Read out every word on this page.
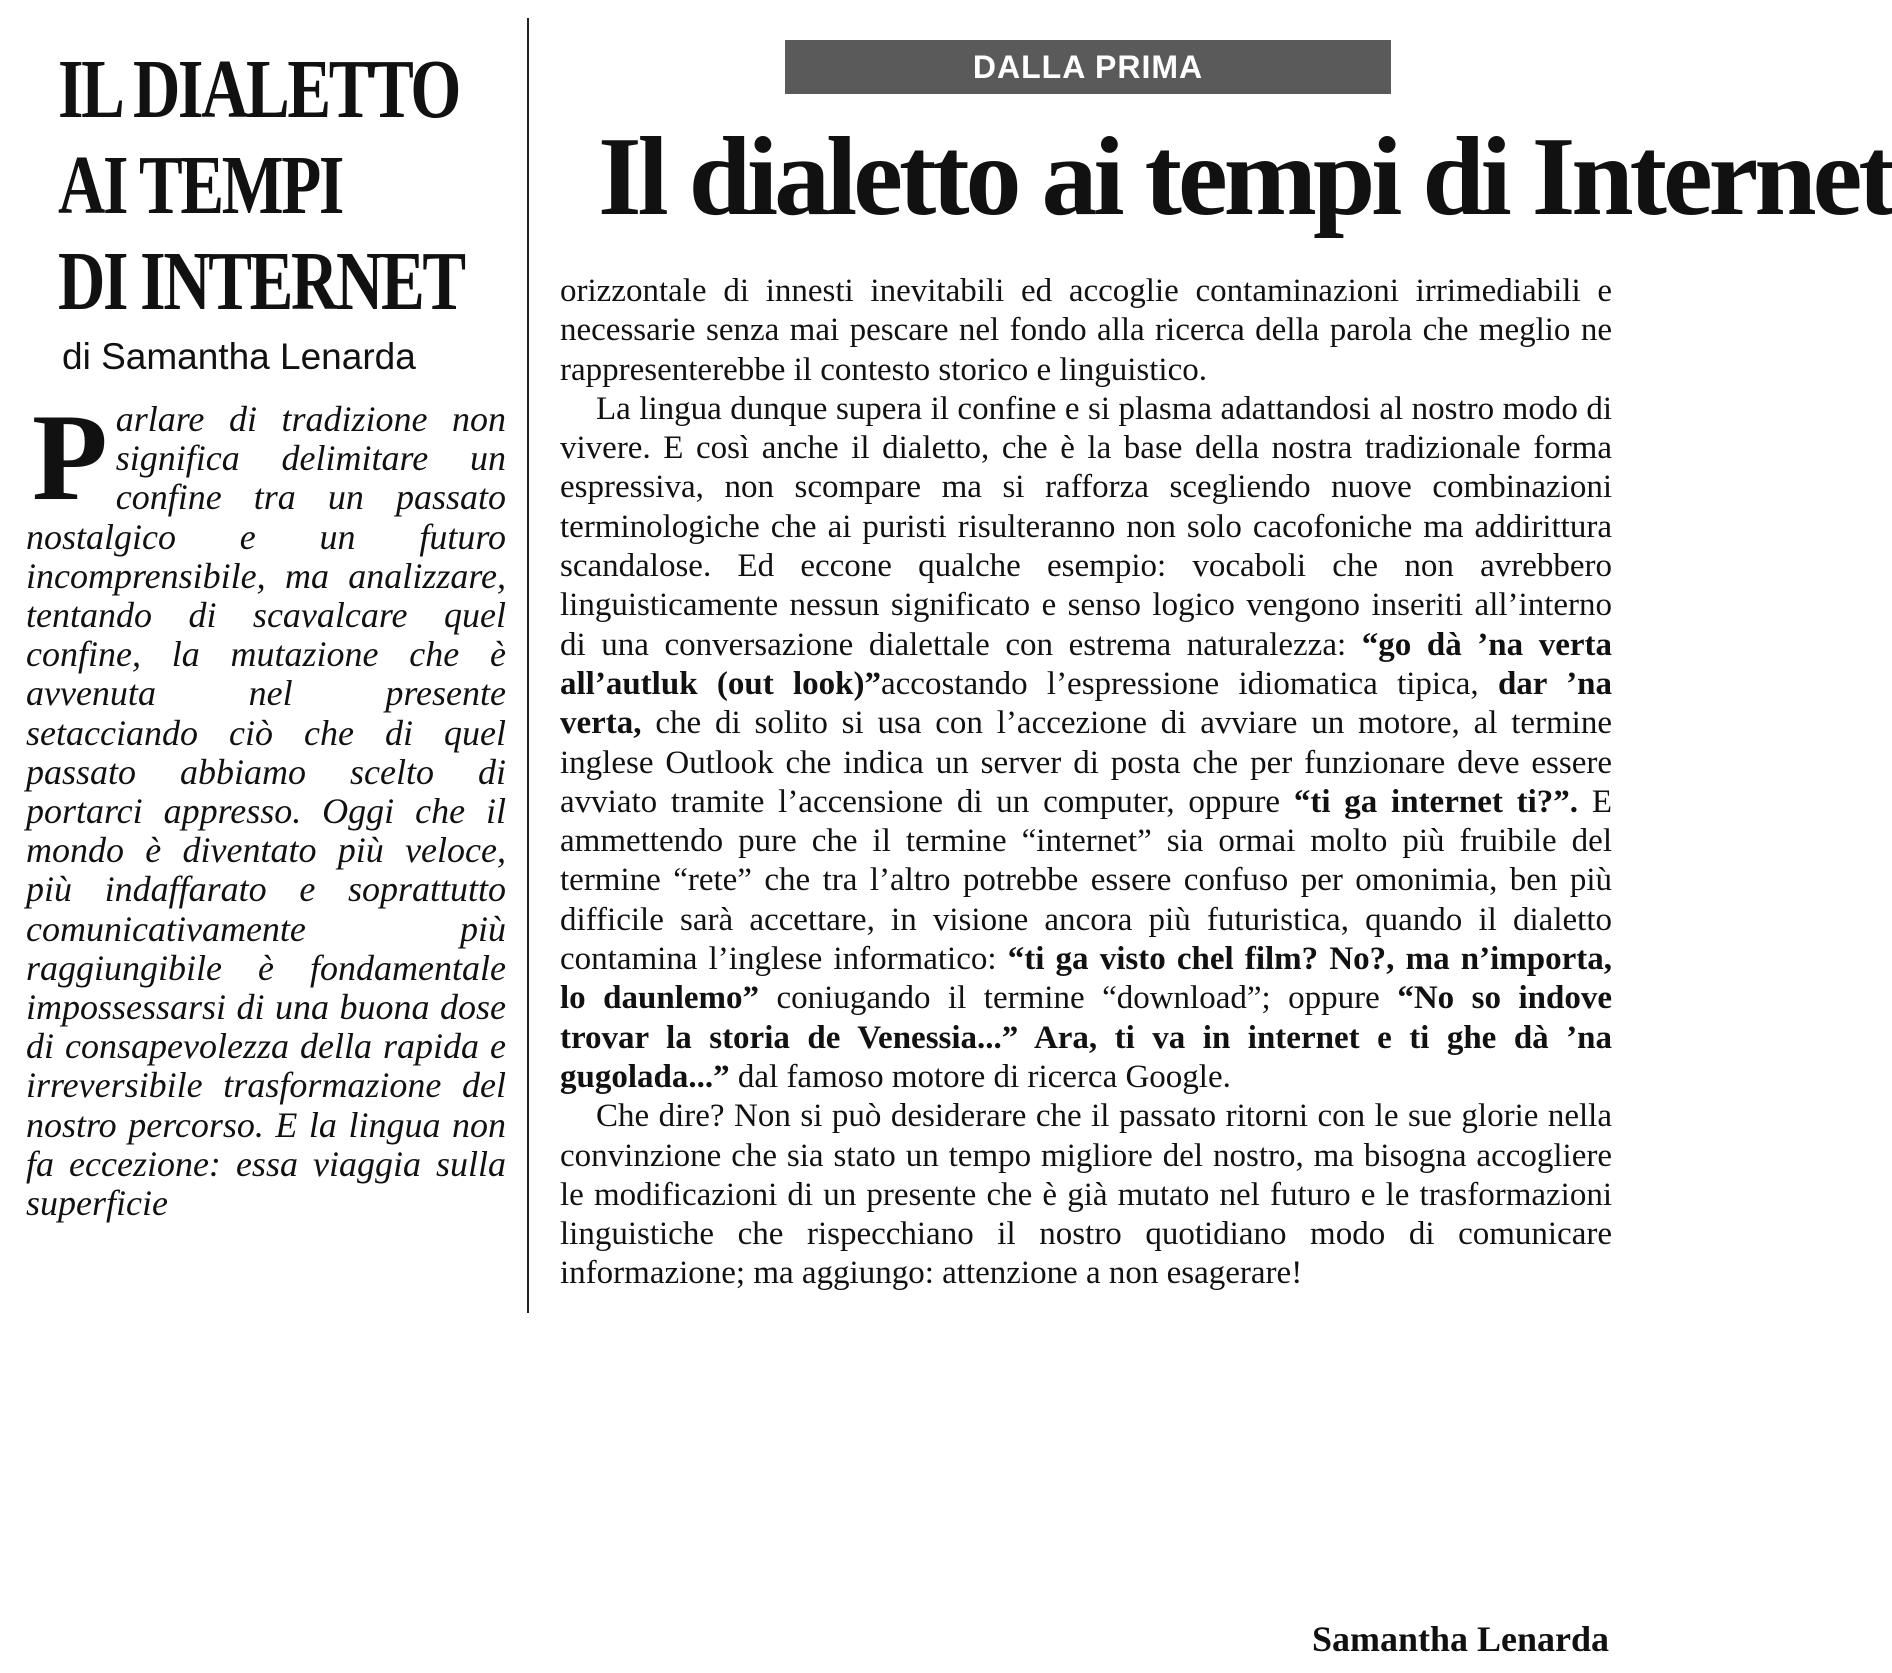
IL DIALETTO
AI TEMPI
DI INTERNET
di Samantha Lenarda
Parlare di tradizione non significa delimitare un confine tra un passato nostalgico e un futuro incomprensibile, ma analizzare, tentando di scavalcare quel confine, la mutazione che è avvenuta nel presente setacciando ciò che di quel passato abbiamo scelto di portarci appresso. Oggi che il mondo è diventato più veloce, più indaffarato e soprattutto comunicativamente più raggiungibile è fondamentale impossessarsi di una buona dose di consapevolezza della rapida e irreversibile trasformazione del nostro percorso. E la lingua non fa eccezione: essa viaggia sulla superficie
DALLA PRIMA
Il dialetto ai tempi di Internet

orizzontale di innesti inevitabili ed accoglie contaminazioni irrimediabili e necessarie senza mai pescare nel fondo alla ricerca della parola che meglio ne rappresenterebbe il contesto storico e linguistico.

La lingua dunque supera il confine e si plasma adattandosi al nostro modo di vivere. E così anche il dialetto, che è la base della nostra tradizionale forma espressiva, non scompare ma si rafforza scegliendo nuove combinazioni terminologiche che ai puristi risulteranno non solo cacofoniche ma addirittura scandalose. Ed eccone qualche esempio: vocaboli che non avrebbero linguisticamente nessun significato e senso logico vengono inseriti all’interno di una conversazione dialettale con estrema naturalezza: “go dà ’na verta all’autluk (out look)”accostando l’espressione idiomatica tipica, dar ’na verta, che di solito si usa con l’accezione di avviare un motore, al termine inglese Outlook che indica un server di posta che per funzionare deve essere avviato tramite l’accensione di un computer, oppure “ti ga internet ti?”. E ammettendo pure che il termine “internet” sia ormai molto più fruibile del termine “rete” che tra l’altro potrebbe essere confuso per omonimia, ben più difficile sarà accettare, in visione ancora più futuristica, quando il dialetto contamina l’inglese informatico: “ti ga visto chel film? No?, ma n’importa, lo daunlemo” coniugando il termine “download”; oppure “No so indove trovar la storia de Venessia...” Ara, ti va in internet e ti ghe dà ’na gugolada...” dal famoso motore di ricerca Google.

Che dire? Non si può desiderare che il passato ritorni con le sue glorie nella convinzione che sia stato un tempo migliore del nostro, ma bisogna accogliere le modificazioni di un presente che è già mutato nel futuro e le trasformazioni linguistiche che rispecchiano il nostro quotidiano modo di comunicare informazione; ma aggiungo: attenzione a non esagerare!

Samantha Lenarda
